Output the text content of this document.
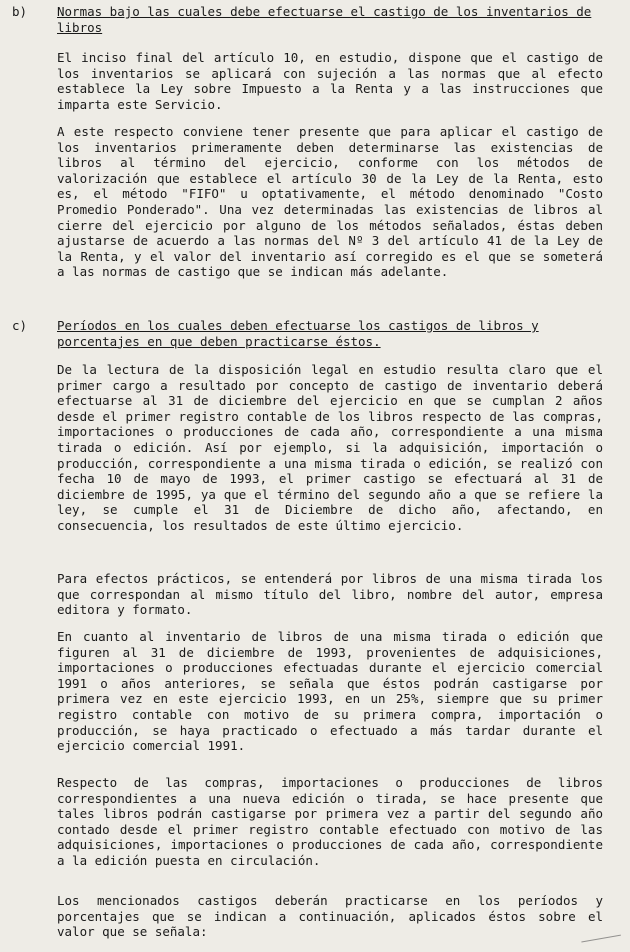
b)	Normas bajo las cuales debe efectuarse el castigo de los inventarios de libros

El inciso final del artículo 10, en estudio, dispone que el castigo de los inventarios se aplicará con sujeción a las normas que al efecto establece la Ley sobre Impuesto a la Renta y a las instrucciones que imparta este Servicio.

A este respecto conviene tener presente que para aplicar el castigo de los inventarios primeramente deben determinarse las existencias de libros al término del ejercicio, conforme con los métodos de valorización que establece el artículo 30 de la Ley de la Renta, esto es, el método "FIFO" u optativamente, el método denominado "Costo Promedio Ponderado". Una vez determinadas las existencias de libros al cierre del ejercicio por alguno de los métodos señalados, éstas deben ajustarse de acuerdo a las normas del Nº 3 del artículo 41 de la Ley de la Renta, y el valor del inventario así corregido es el que se someterá a las normas de castigo que se indican más adelante.

c)	Períodos en los cuales deben efectuarse los castigos de libros y porcentajes en que deben practicarse éstos.

De la lectura de la disposición legal en estudio resulta claro que el primer cargo a resultado por concepto de castigo de inventario deberá efectuarse al 31 de diciembre del ejercicio en que se cumplan 2 años desde el primer registro contable de los libros respecto de las compras, importaciones o producciones de cada año, correspondiente a una misma tirada o edición. Así por ejemplo, si la adquisición, importación o producción, correspondiente a una misma tirada o edición, se realizó con fecha 10 de mayo de 1993, el primer castigo se efectuará al 31 de diciembre de 1995, ya que el término del segundo año a que se refiere la ley, se cumple el 31 de Diciembre de dicho año, afectando, en consecuencia, los resultados de este último ejercicio.

Para efectos prácticos, se entenderá por libros de una misma tirada los que correspondan al mismo título del libro, nombre del autor, empresa editora y formato.

En cuanto al inventario de libros de una misma tirada o edición que figuren al 31 de diciembre de 1993, provenientes de adquisiciones, importaciones o producciones efectuadas durante el ejercicio comercial 1991 o años anteriores, se señala que éstos podrán castigarse por primera vez en este ejercicio 1993, en un 25%, siempre que su primer registro contable con motivo de su primera compra, importación o producción, se haya practicado o efectuado a más tardar durante el ejercicio comercial 1991.

Respecto de las compras, importaciones o producciones de libros correspondientes a una nueva edición o tirada, se hace presente que tales libros podrán castigarse por primera vez a partir del segundo año contado desde el primer registro contable efectuado con motivo de las adquisiciones, importaciones o producciones de cada año, correspondiente a la edición puesta en circulación.

Los mencionados castigos deberán practicarse en los períodos y porcentajes que se indican a continuación, aplicados éstos sobre el valor que se señala:
